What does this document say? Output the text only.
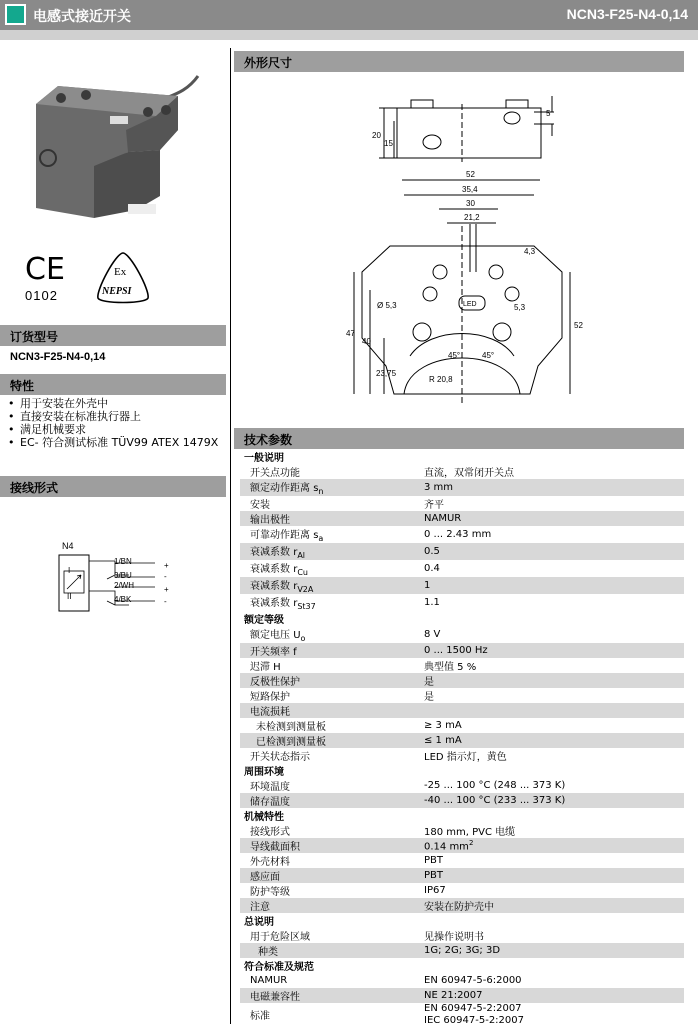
电感式接近开关	NCN3-F25-N4-0,14
CE
0102
Ex
NEPSI
订货型号
NCN3-F25-N4-0,14
特性
• 用于安装在外壳中
• 直接安装在标准执行器上
• 满足机械要求
• EC- 符合测试标准 TÜV99 ATEX 1479X
接线形式
N4
1/BN
3/BU
2/WH
4/BK
+
-
+
-
I
II
外形尺寸
20
15
5
52
35,4
30
21,2
4,3
Ø 5,3	LED	5,3
47
40
52
23,75
R 20,8
45°	45°
技术参数
一般说明	
开关点功能	直流，双常闭开关点
额定动作距离 $s_n$	3 mm
安装	齐平
输出极性	NAMUR
可靠动作距离 $s_a$	0 ... 2.43 mm
衰减系数 $r_{Al}$	0.5
衰减系数 $r_{Cu}$	0.4
衰减系数 $r_{V2A}$	1
衰减系数 $r_{St37}$	1.1
额定等级	
额定电压 $U_o$	8 V
开关频率 f	0 ... 1500 Hz
迟滞 H	典型值 5 %
反极性保护	是
短路保护	是
电流损耗	
未检测到测量板	≥ 3 mA
已检测到测量板	≤ 1 mA
开关状态指示	LED 指示灯，黄色
周围环境	
环境温度	-25 ... 100 °C (248 ... 373 K)
储存温度	-40 ... 100 °C (233 ... 373 K)
机械特性	
接线形式	180 mm, PVC 电缆
导线截面积	0.14 $mm^2$
外壳材料	PBT
感应面	PBT
防护等级	IP67
注意	安装在防护壳中
总说明	
用于危险区域	见操作说明书
种类	1G; 2G; 3G; 3D
符合标准及规范	
NAMUR	EN 60947-5-6:2000
电磁兼容性	NE 21:2007
标准	EN 60947-5-2:2007
IEC 60947-5-2:2007
